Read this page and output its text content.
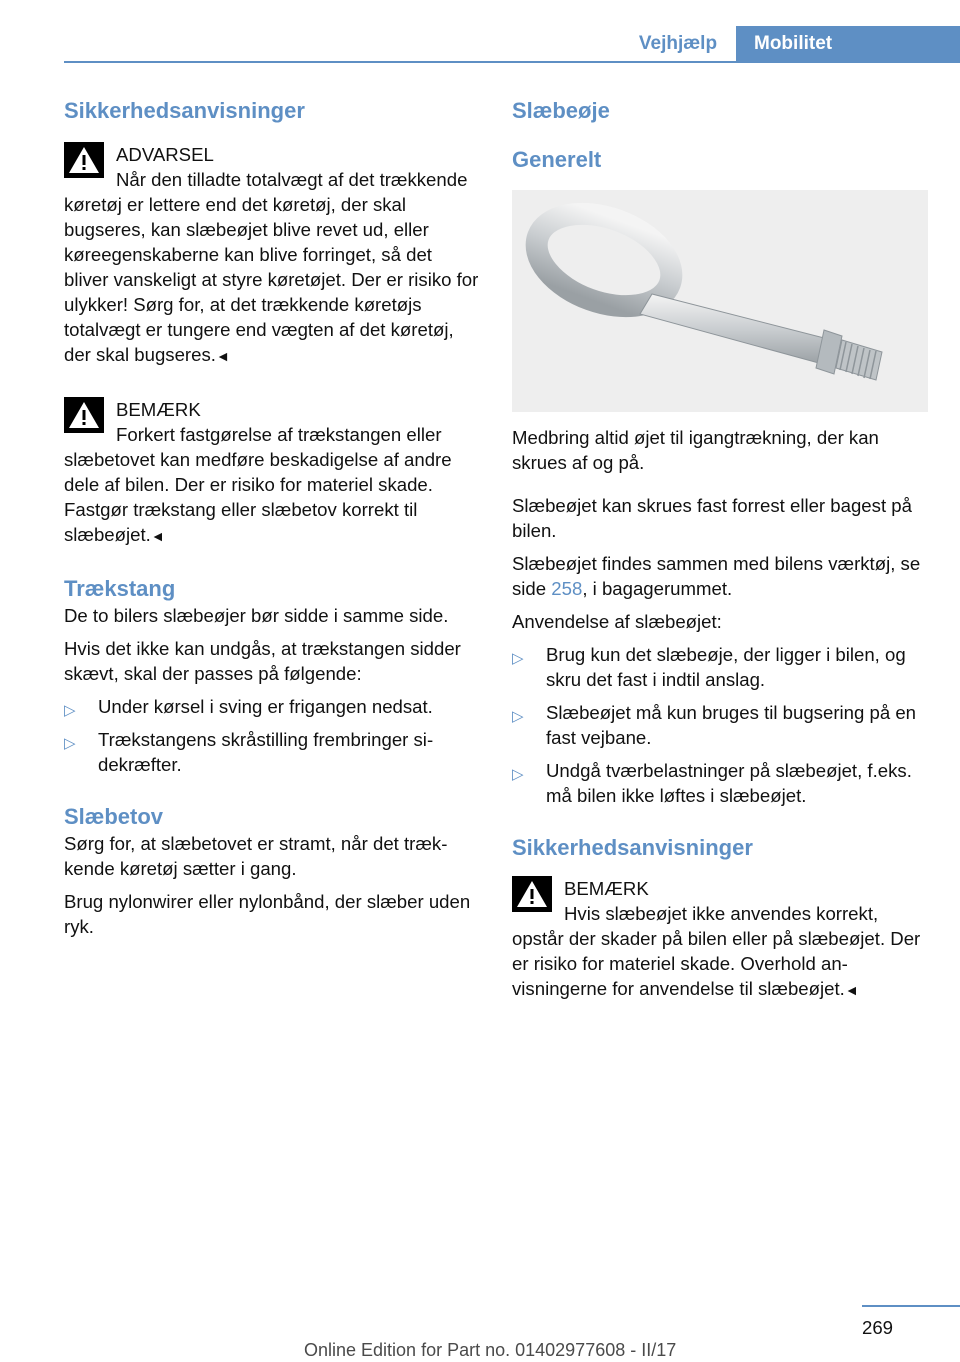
Vejhjælp	Mobilitet
Sikkerhedsanvisninger
ADVARSEL
Når den tilladte totalvægt af det trækkende køretøj er lettere end det køretøj, der skal bugseres, kan slæbeøjet blive revet ud, eller køreegenskaberne kan blive forringet, så det bliver vanskeligt at styre køretøjet. Der er risiko for ulykker! Sørg for, at det trækkende køretøjs totalvægt er tungere end vægten af det køretøj, der skal bugseres.◄
BEMÆRK
Forkert fastgørelse af trækstangen eller slæbetovet kan medføre beskadigelse af andre dele af bilen. Der er risiko for materiel skade. Fastgør trækstang eller slæbetov korrekt til slæbeøjet.◄
Trækstang

De to bilers slæbeøjer bør sidde i samme side.

Hvis det ikke kan undgås, at trækstangen sidder skævt, skal der passes på følgende:

▷ Under kørsel i sving er frigangen nedsat.
▷ Trækstangens skråstilling frembringer sidekræfter.
Slæbetov

Sørg for, at slæbetovet er stramt, når det trækkende køretøj sætter i gang.

Brug nylonwirer eller nylonbånd, der slæber uden ryk.

Slæbeøje
Generelt

Medbring altid øjet til igangtrækning, der kan skrues af og på.

Slæbeøjet kan skrues fast forrest eller bagest på bilen.

Slæbeøjet findes sammen med bilens værktøj, se side 258, i bagagerummet.

Anvendelse af slæbeøjet:

▷ Brug kun det slæbeøje, der ligger i bilen, og skru det fast i indtil anslag.
▷ Slæbeøjet må kun bruges til bugsering på en fast vejbane.
▷ Undgå tværbelastninger på slæbeøjet, f.eks. må bilen ikke løftes i slæbeøjet.
Sikkerhedsanvisninger
BEMÆRK
Hvis slæbeøjet ikke anvendes korrekt, opstår der skader på bilen eller på slæbeøjet. Der er risiko for materiel skade. Overhold anvisningerne for anvendelse til slæbeøjet.◄
269
Online Edition for Part no. 01402977608 - II/17
